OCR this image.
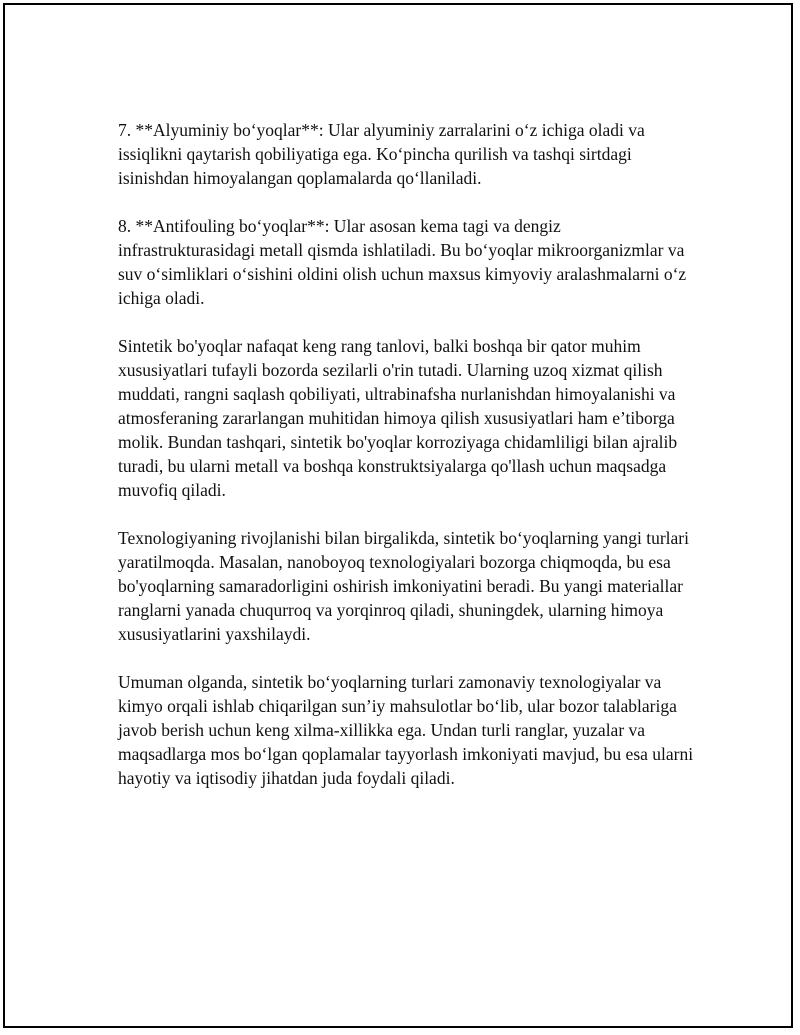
7. **Alyuminiy bo‘yoqlar**: Ular alyuminiy zarralarini o‘z ichiga oladi va issiqlikni qaytarish qobiliyatiga ega. Ko‘pincha qurilish va tashqi sirtdagi isinishdan himoyalangan qoplamalarda qo‘llaniladi.

8. **Antifouling bo‘yoqlar**: Ular asosan kema tagi va dengiz infrastrukturasidagi metall qismda ishlatiladi. Bu bo‘yoqlar mikroorganizmlar va suv o‘simliklari o‘sishini oldini olish uchun maxsus kimyoviy aralashmalarni o‘z ichiga oladi.

Sintetik bo'yoqlar nafaqat keng rang tanlovi, balki boshqa bir qator muhim xususiyatlari tufayli bozorda sezilarli o'rin tutadi. Ularning uzoq xizmat qilish muddati, rangni saqlash qobiliyati, ultrabinafsha nurlanishdan himoyalanishi va atmosferaning zararlangan muhitidan himoya qilish xususiyatlari ham e’tiborga molik. Bundan tashqari, sintetik bo'yoqlar korroziyaga chidamliligi bilan ajralib turadi, bu ularni metall va boshqa konstruktsiyalarga qo'llash uchun maqsadga muvofiq qiladi.

Texnologiyaning rivojlanishi bilan birgalikda, sintetik bo‘yoqlarning yangi turlari yaratilmoqda. Masalan, nanoboyoq texnologiyalari bozorga chiqmoqda, bu esa bo'yoqlarning samaradorligini oshirish imkoniyatini beradi. Bu yangi materiallar ranglarni yanada chuqurroq va yorqinroq qiladi, shuningdek, ularning himoya xususiyatlarini yaxshilaydi.

Umuman olganda, sintetik bo‘yoqlarning turlari zamonaviy texnologiyalar va kimyo orqali ishlab chiqarilgan sun’iy mahsulotlar bo‘lib, ular bozor talablariga javob berish uchun keng xilma-xillikka ega. Undan turli ranglar, yuzalar va maqsadlarga mos bo‘lgan qoplamalar tayyorlash imkoniyati mavjud, bu esa ularni hayotiy va iqtisodiy jihatdan juda foydali qiladi.
